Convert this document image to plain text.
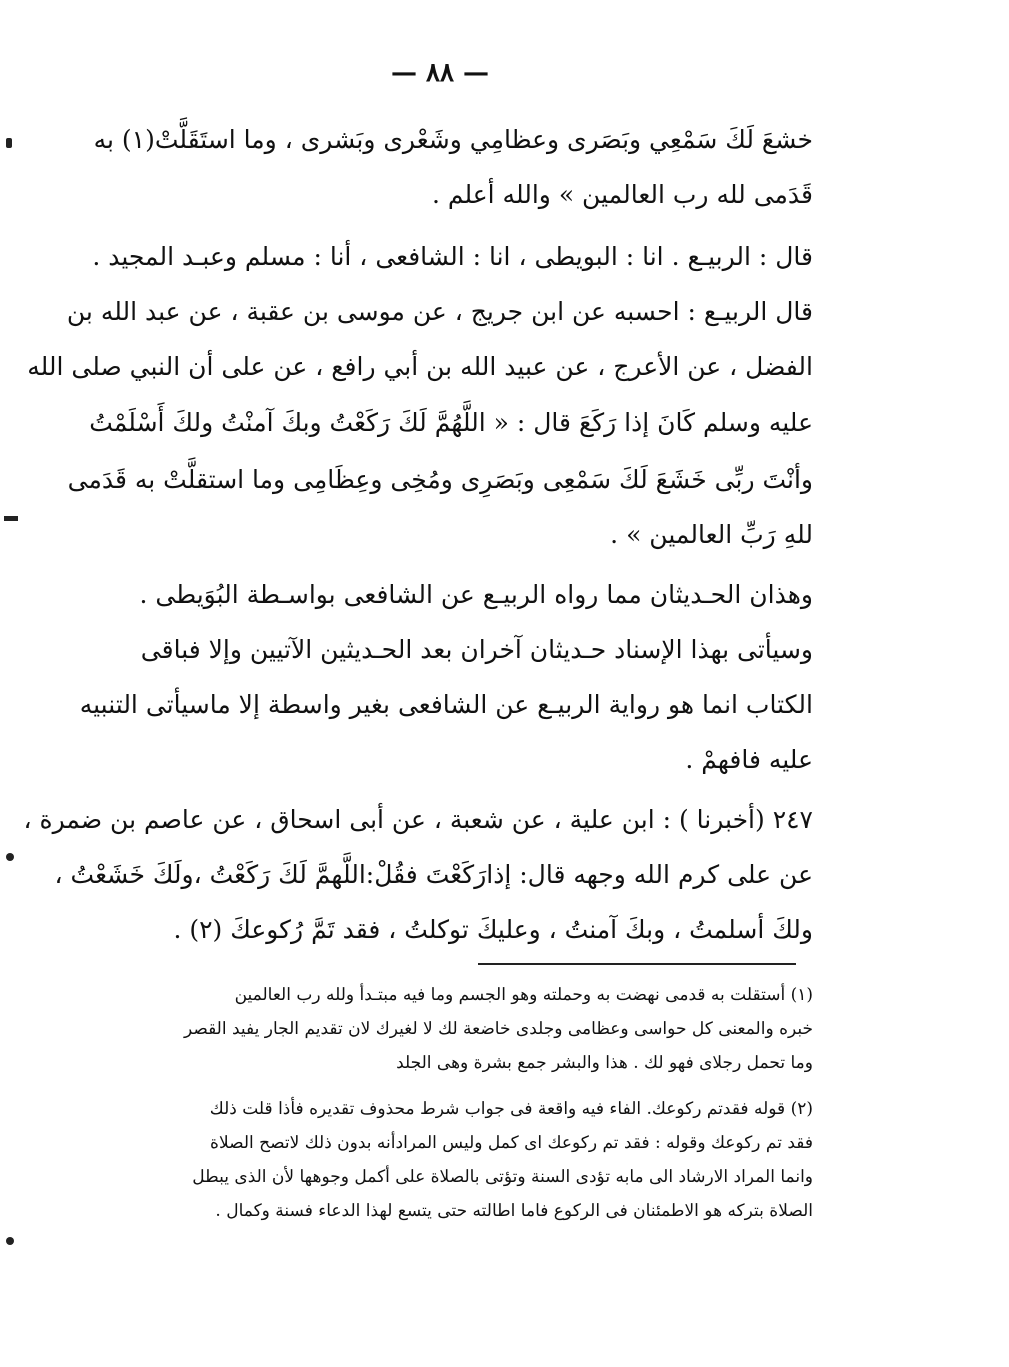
— ٨٨ —
خشعَ لَكَ سَمْعِي وبَصَرى وعظامِي وشَعْرى وبَشرى ، وما استَقَلَّتْ(١) به
قَدَمى لله رب العالمين » والله أعلم .
قال : الربيـع . انا : البويطى ، انا : الشافعى ، أنا : مسلم وعبـد المجيد .
قال الربيـع : احسبه عن ابن جريج ، عن موسى بن عقبة ، عن عبد الله بن
الفضل ، عن الأعرج ، عن عبيد الله بن أبي رافع ، عن على أن النبي صلى الله
عليه وسلم كَانَ إذا رَكَعَ قال : « اللَّهُمَّ لَكَ رَكَعْتُ وبكَ آمنْتُ ولكَ أَسْلَمْتُ
وأنْتَ ربِّى خَشَعَ لَكَ سَمْعِى وبَصَرِى ومُخِى وعِظَامِى وما استقلَّتْ به قَدَمى
للهِ رَبِّ العالمين » .
وهذان الحـديثان مما رواه الربيـع عن الشافعى بواسـطة البُوَيطى .
وسيأتى بهذا الإسناد حـديثان آخران بعد الحـديثين الآتيين وإلا فباقى
الكتاب انما هو رواية الربيـع عن الشافعى بغير واسطة إلا ماسيأتى التنبيه
عليه فافهمْ .
٢٤٧ (أخبرنا ) : ابن علية ، عن شعبة ، عن أبى اسحاق ، عن عاصم بن ضمرة ،
عن على كرم الله وجهه قال: إذارَكَعْتَ فقُلْ:اللَّهمَّ لَكَ رَكَعْتُ ،ولَكَ خَشَعْتُ ،
ولكَ أسلمتُ ، وبكَ آمنتُ ، وعليكَ توكلتُ ، فقد تَمَّ رُكوعكَ (٢) .
(١) أستقلت به قدمى نهضت به وحملته وهو الجسم وما فيه مبتـدأ ولله رب العالمين
خبره والمعنى كل حواسى وعظامى وجلدى خاضعة لك لا لغيرك لان تقديم الجار يفيد القصر
وما تحمل رجلاى فهو لك . هذا والبشر جمع بشرة وهى الجلد
(٢) قوله فقدتم ركوعك. الفاء فيه واقعة فى جواب شرط محذوف تقديره فأذا قلت ذلك
فقد تم ركوعك وقوله : فقد تم ركوعك اى كمل وليس المرادأنه بدون ذلك لاتصح الصلاة
وانما المراد الارشاد الى مابه تؤدى السنة وتؤتى بالصلاة على أكمل وجوهها لأن الذى يبطل
الصلاة بتركه هو الاطمئنان فى الركوع فاما اطالته حتى يتسع لهذا الدعاء فسنة وكمال .
